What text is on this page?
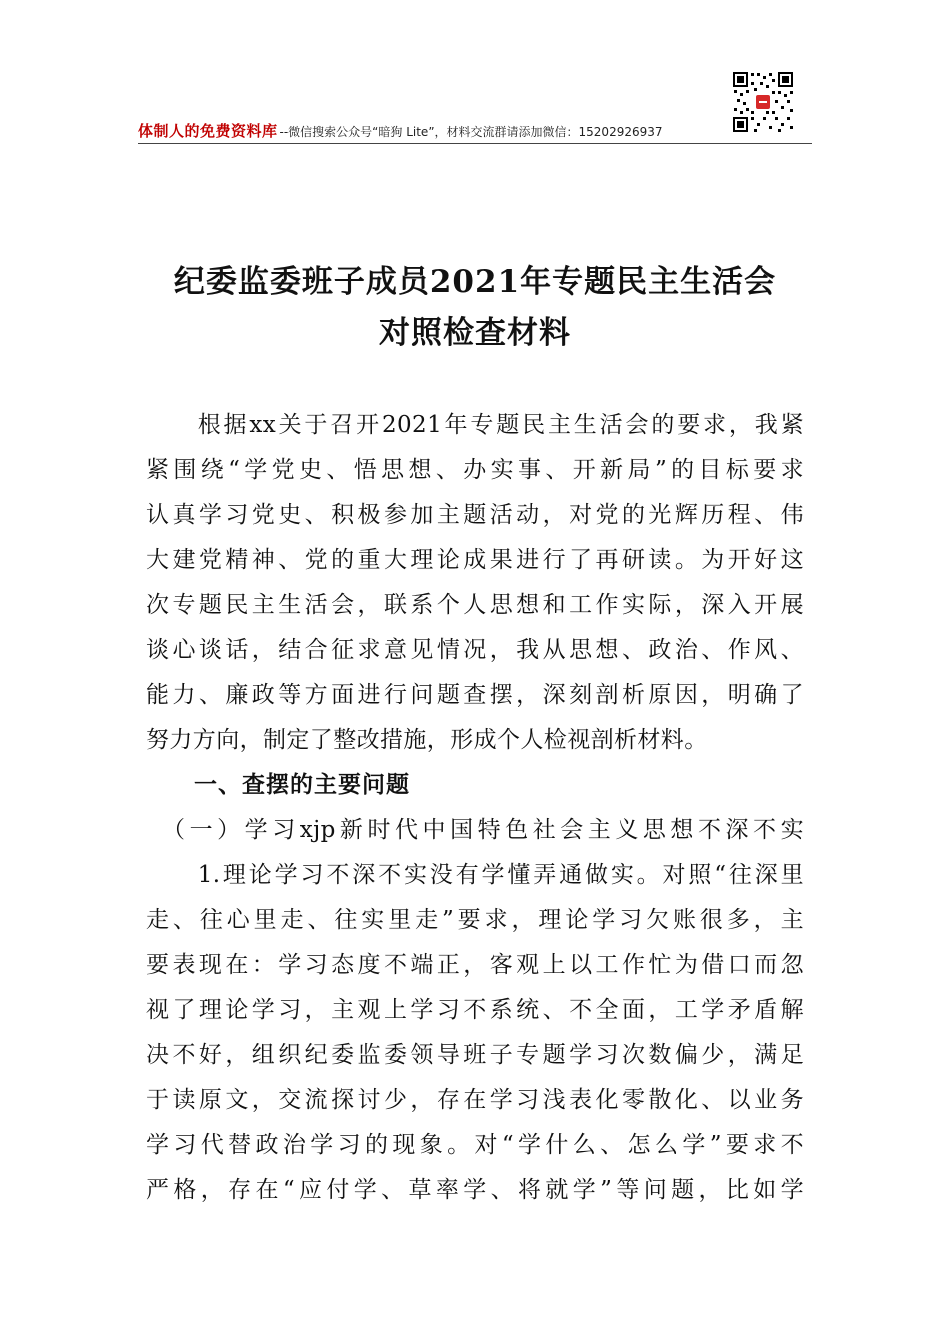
体制人的免费资料库 --微信搜索公众号“暗狗 Lite”，材料交流群请添加微信：15202926937
纪委监委班子成员2021年专题民主生活会
对照检查材料
　　根据xx关于召开2021年专题民主生活会的要求，我紧
紧围绕“学党史、悟思想、办实事、开新局”的目标要求
认真学习党史、积极参加主题活动，对党的光辉历程、伟
大建党精神、党的重大理论成果进行了再研读。为开好这
次专题民主生活会，联系个人思想和工作实际，深入开展
谈心谈话，结合征求意见情况，我从思想、政治、作风、
能力、廉政等方面进行问题查摆，深刻剖析原因，明确了
努力方向，制定了整改措施，形成个人检视剖析材料。
　　一、查摆的主要问题
　（一）学习xjp新时代中国特色社会主义思想不深不实
　　1.理论学习不深不实没有学懂弄通做实。对照“往深里
走、往心里走、往实里走”要求，理论学习欠账很多，主
要表现在：学习态度不端正，客观上以工作忙为借口而忽
视了理论学习，主观上学习不系统、不全面，工学矛盾解
决不好，组织纪委监委领导班子专题学习次数偏少，满足
于读原文，交流探讨少，存在学习浅表化零散化、以业务
学习代替政治学习的现象。对“学什么、怎么学”要求不
严格，存在“应付学、草率学、将就学”等问题，比如学
